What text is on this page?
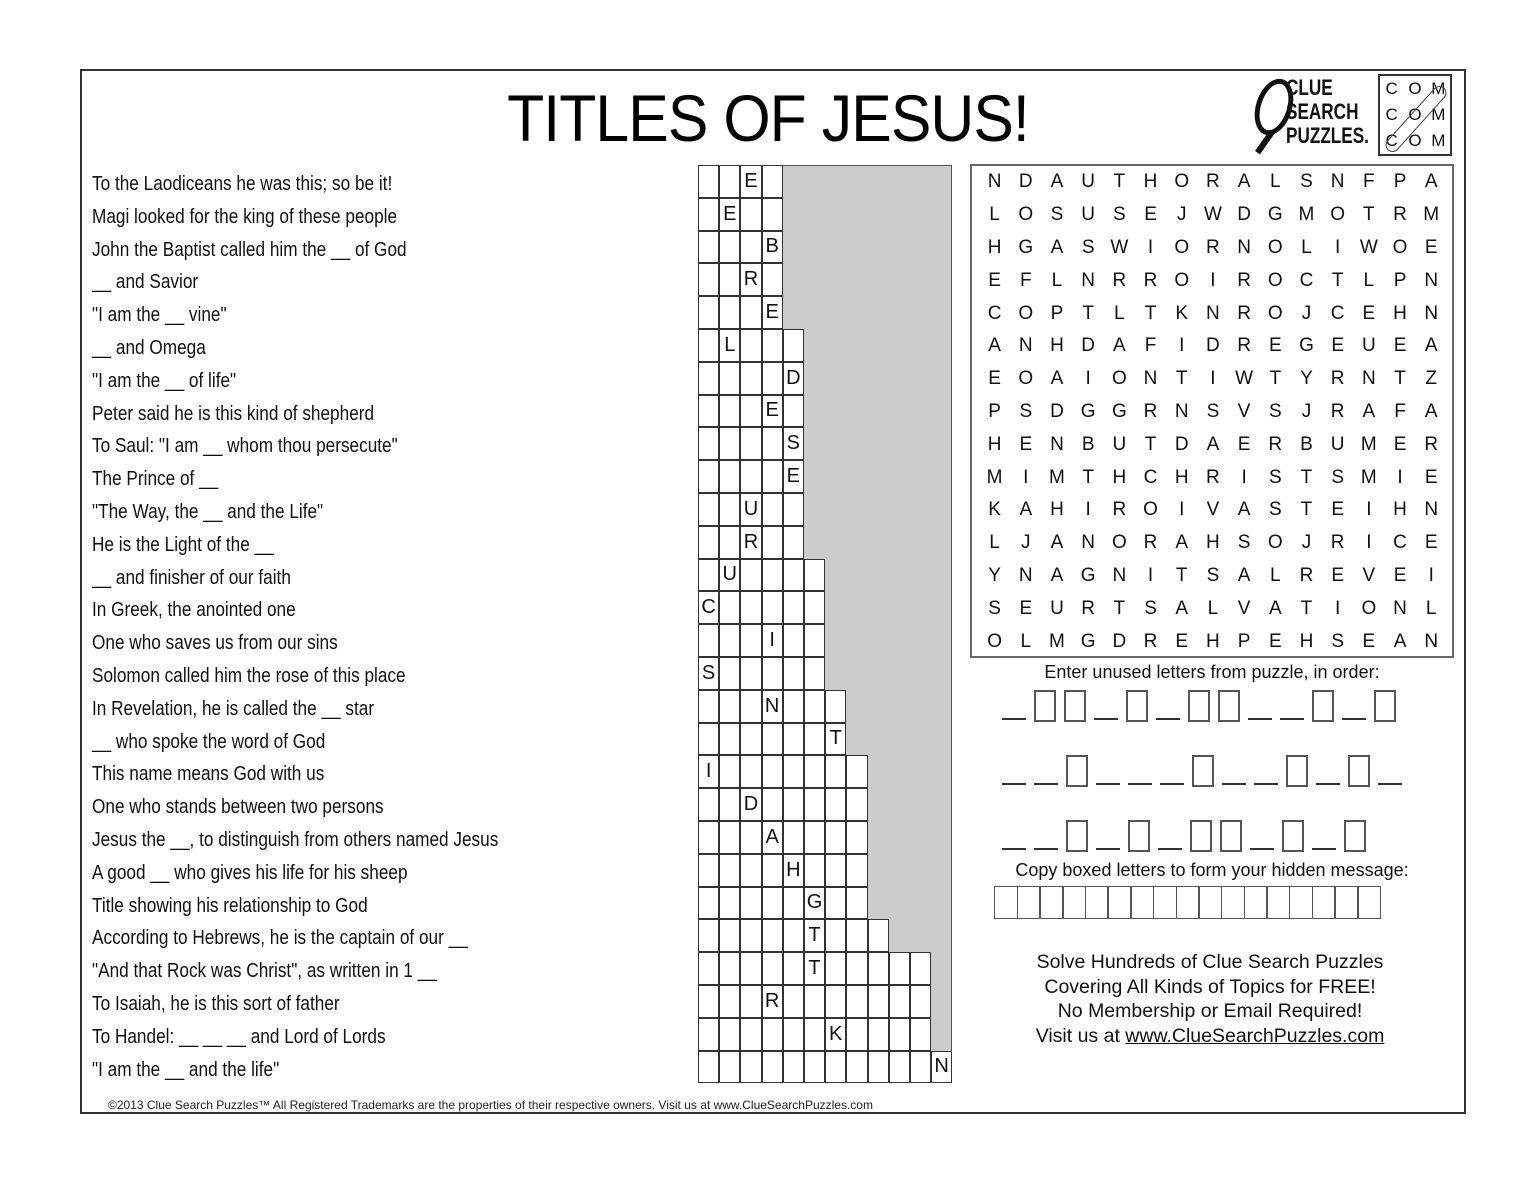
TITLES OF JESUS!	CLUE
SEARCH
PUZZLES.
C O M
C O M
C O M
To the Laodiceans he was this; so be it!
Magi looked for the king of these people
John the Baptist called him the __ of God
__ and Savior
"I am the __ vine"
__ and Omega
"I am the __ of life"
Peter said he is this kind of shepherd
To Saul: "I am __ whom thou persecute"
The Prince of __
"The Way, the __ and the Life"
He is the Light of the __
__ and finisher of our faith
In Greek, the anointed one
One who saves us from our sins
Solomon called him the rose of this place
In Revelation, he is called the __ star
__ who spoke the word of God
This name means God with us
One who stands between two persons
Jesus the __, to distinguish from others named Jesus
A good __ who gives his life for his sheep
Title showing his relationship to God
According to Hebrews, he is the captain of our __
"And that Rock was Christ", as written in 1 __
To Isaiah, he is this sort of father
To Handel: __ __ __ and Lord of Lords
"I am the __ and the life"
E
E
B
R
E
L
D
E
S
E
U
R
U
C
I
S
N
T
I
D
A
H
G
T
T
R
K
N
N D A U T H O R A	L	S N F	P A
L O S U S E	J W D G M O T R M
H G A S W	I	O R N O L	I	W O E
E	F	L	N R R O	I	R O C T	L	P N
C O P	T	L	T	K N R O	J	C E H N
A N H D A	F	I	D R E G E U E A
E O A	I	O N T	I	W T	Y R N T	Z
P S D G G R N S V S	J	R A	F	A
H E N B U T D A E R B U M E R
M	I	M T H C H R	I	S	T	S M	I	E
K A H	I	R O	I	V A S	T	E	I	H N
L	J	A N O R A H S O	J	R	I	C E
Y N A G N	I	T	S A	L	R E V E	I
S E U R T	S A	L	V A	T	I	O N	L
O L M G D R E H P E H S E A N
Enter unused letters from puzzle, in order:
Copy boxed letters to form your hidden message:
Solve Hundreds of Clue Search Puzzles
Covering All Kinds of Topics for FREE!
No Membership or Email Required!
Visit us at www.ClueSearchPuzzles.com
©2013 Clue Search Puzzles™ All Registered Trademarks are the properties of their respective owners. Visit us at www.ClueSearchPuzzles.com
